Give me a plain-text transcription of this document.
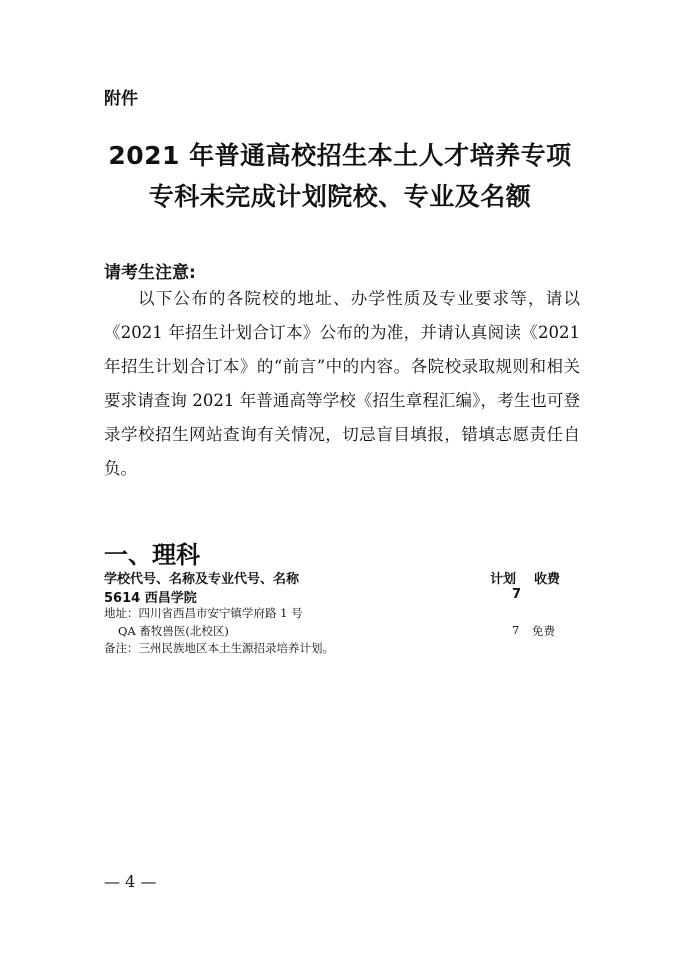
附件
2021 年普通高校招生本土人才培养专项
专科未完成计划院校、专业及名额
请考生注意:
以下公布的各院校的地址、办学性质及专业要求等，请以《2021 年招生计划合订本》公布的为准，并请认真阅读《2021 年招生计划合订本》的“前言”中的内容。各院校录取规则和相关要求请查询 2021 年普通高等学校《招生章程汇编》，考生也可登录学校招生网站查询有关情况，切忌盲目填报，错填志愿责任自负。
一、理科
学校代号、名称及专业代号、名称	计划 收费
5614 西昌学院	7
地址：四川省西昌市安宁镇学府路 1 号
QA 畜牧兽医(北校区)	7 免费
备注：三州民族地区本土生源招录培养计划。
— 4 —
